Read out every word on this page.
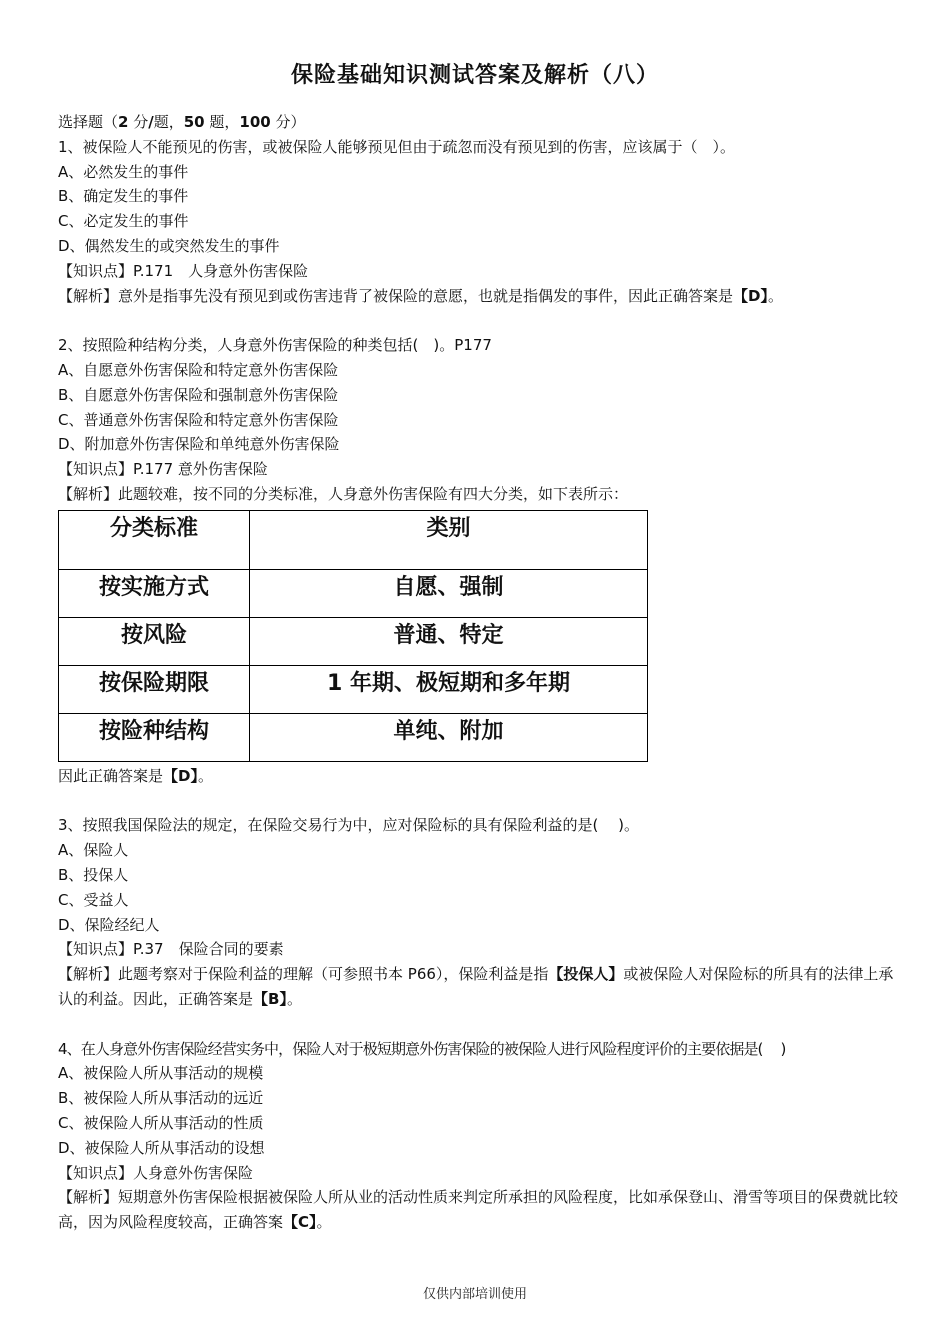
保险基础知识测试答案及解析（八）
选择题（2 分/题，50 题，100 分）
1、被保险人不能预见的伤害，或被保险人能够预见但由于疏忽而没有预见到的伤害，应该属于（　）。
A、必然发生的事件
B、确定发生的事件
C、必定发生的事件
D、偶然发生的或突然发生的事件
【知识点】P.171　人身意外伤害保险
【解析】意外是指事先没有预见到或伤害违背了被保险的意愿，也就是指偶发的事件，因此正确答案是【D】。
2、按照险种结构分类，人身意外伤害保险的种类包括(　)。P177
A、自愿意外伤害保险和特定意外伤害保险
B、自愿意外伤害保险和强制意外伤害保险
C、普通意外伤害保险和特定意外伤害保险
D、附加意外伤害保险和单纯意外伤害保险
【知识点】P.177 意外伤害保险
【解析】此题较难，按不同的分类标准，人身意外伤害保险有四大分类，如下表所示：
分类标准	类别
按实施方式	自愿、强制
按风险	普通、特定
按保险期限	1 年期、极短期和多年期
按险种结构	单纯、附加
因此正确答案是【D】。
3、按照我国保险法的规定，在保险交易行为中，应对保险标的具有保险利益的是(　 )。
A、保险人
B、投保人
C、受益人
D、保险经纪人
【知识点】P.37　保险合同的要素
【解析】此题考察对于保险利益的理解（可参照书本 P66），保险利益是指【投保人】或被保险人对保险标的所具有的法律上承认的利益。因此，正确答案是【B】。
4、在人身意外伤害保险经营实务中，保险人对于极短期意外伤害保险的被保险人进行风险程度评价的主要依据是(　 )
A、被保险人所从事活动的规模
B、被保险人所从事活动的远近
C、被保险人所从事活动的性质
D、被保险人所从事活动的设想
【知识点】人身意外伤害保险
【解析】短期意外伤害保险根据被保险人所从业的活动性质来判定所承担的风险程度，比如承保登山、滑雪等项目的保费就比较高，因为风险程度较高，正确答案【C】。
仅供内部培训使用
